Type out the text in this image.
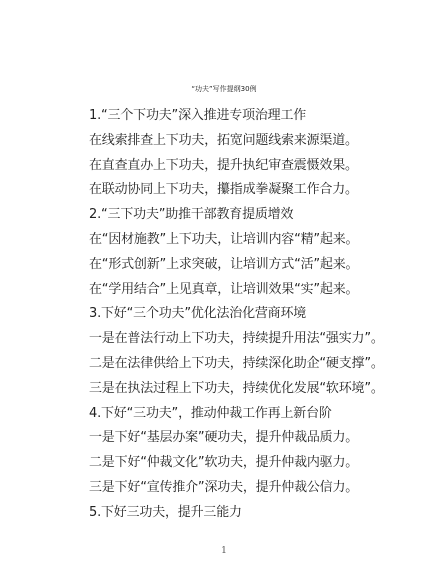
“功夫”写作提纲30例
1.“三个下功夫”深入推进专项治理工作
在线索排查上下功夫，拓宽问题线索来源渠道。
在直查直办上下功夫，提升执纪审查震慑效果。
在联动协同上下功夫，攥指成拳凝聚工作合力。
2.“三下功夫”助推干部教育提质增效
在“因材施教”上下功夫，让培训内容“精”起来。
在“形式创新”上求突破，让培训方式“活”起来。
在“学用结合”上见真章，让培训效果“实”起来。
3.下好“三个功夫”优化法治化营商环境
一是在普法行动上下功夫，持续提升用法“强实力”。
二是在法律供给上下功夫，持续深化助企“硬支撑”。
三是在执法过程上下功夫，持续优化发展“软环境”。
4.下好“三功夫”，推动仲裁工作再上新台阶
一是下好“基层办案”硬功夫，提升仲裁品质力。
二是下好“仲裁文化”软功夫，提升仲裁内驱力。
三是下好“宣传推介”深功夫，提升仲裁公信力。
5.下好三功夫，提升三能力
1
